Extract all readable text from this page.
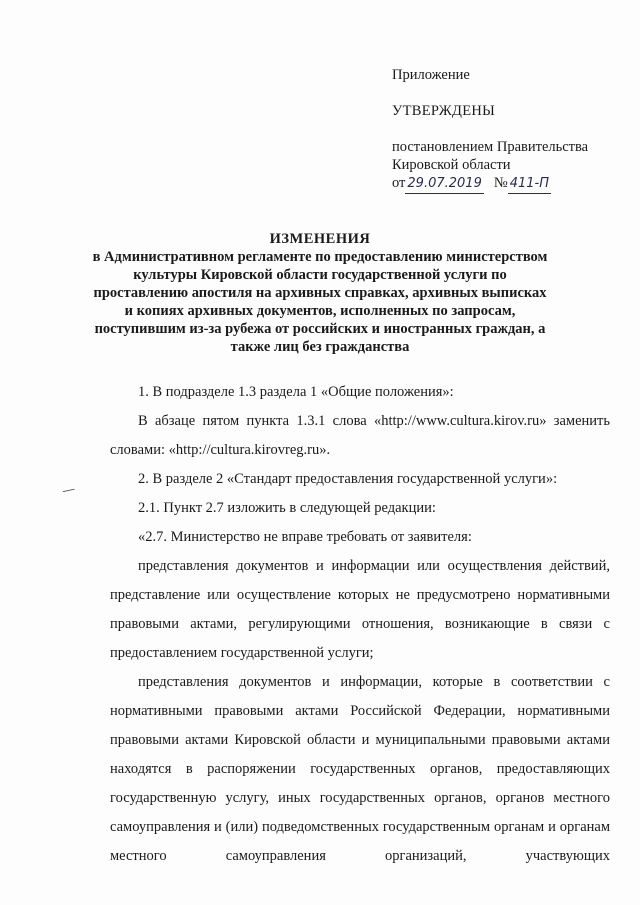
Приложение

УТВЕРЖДЕНЫ

постановлением Правительства

Кировской области

от 29.07.2019 № 411-П

ИЗМЕНЕНИЯ

в Административном регламенте по предоставлению министерством культуры Кировской области государственной услуги по проставлению апостиля на архивных справках, архивных выписках и копиях архивных документов, исполненных по запросам, поступившим из-за рубежа от российских и иностранных граждан, а также лиц без гражданства

1. В подразделе 1.3 раздела 1 «Общие положения»:

В абзаце пятом пункта 1.3.1 слова «http://www.cultura.kirov.ru» заменить словами: «http://cultura.kirovreg.ru».

2. В разделе 2 «Стандарт предоставления государственной услуги»:

2.1. Пункт 2.7 изложить в следующей редакции:

«2.7. Министерство не вправе требовать от заявителя:

представления документов и информации или осуществления действий, представление или осуществление которых не предусмотрено нормативными правовыми актами, регулирующими отношения, возникающие в связи с предоставлением государственной услуги;

представления документов и информации, которые в соответствии с нормативными правовыми актами Российской Федерации, нормативными правовыми актами Кировской области и муниципальными правовыми актами находятся в распоряжении государственных органов, предоставляющих государственную услугу, иных государственных органов, органов местного самоуправления и (или) подведомственных государственным органам и органам местного самоуправления организаций, участвующих
